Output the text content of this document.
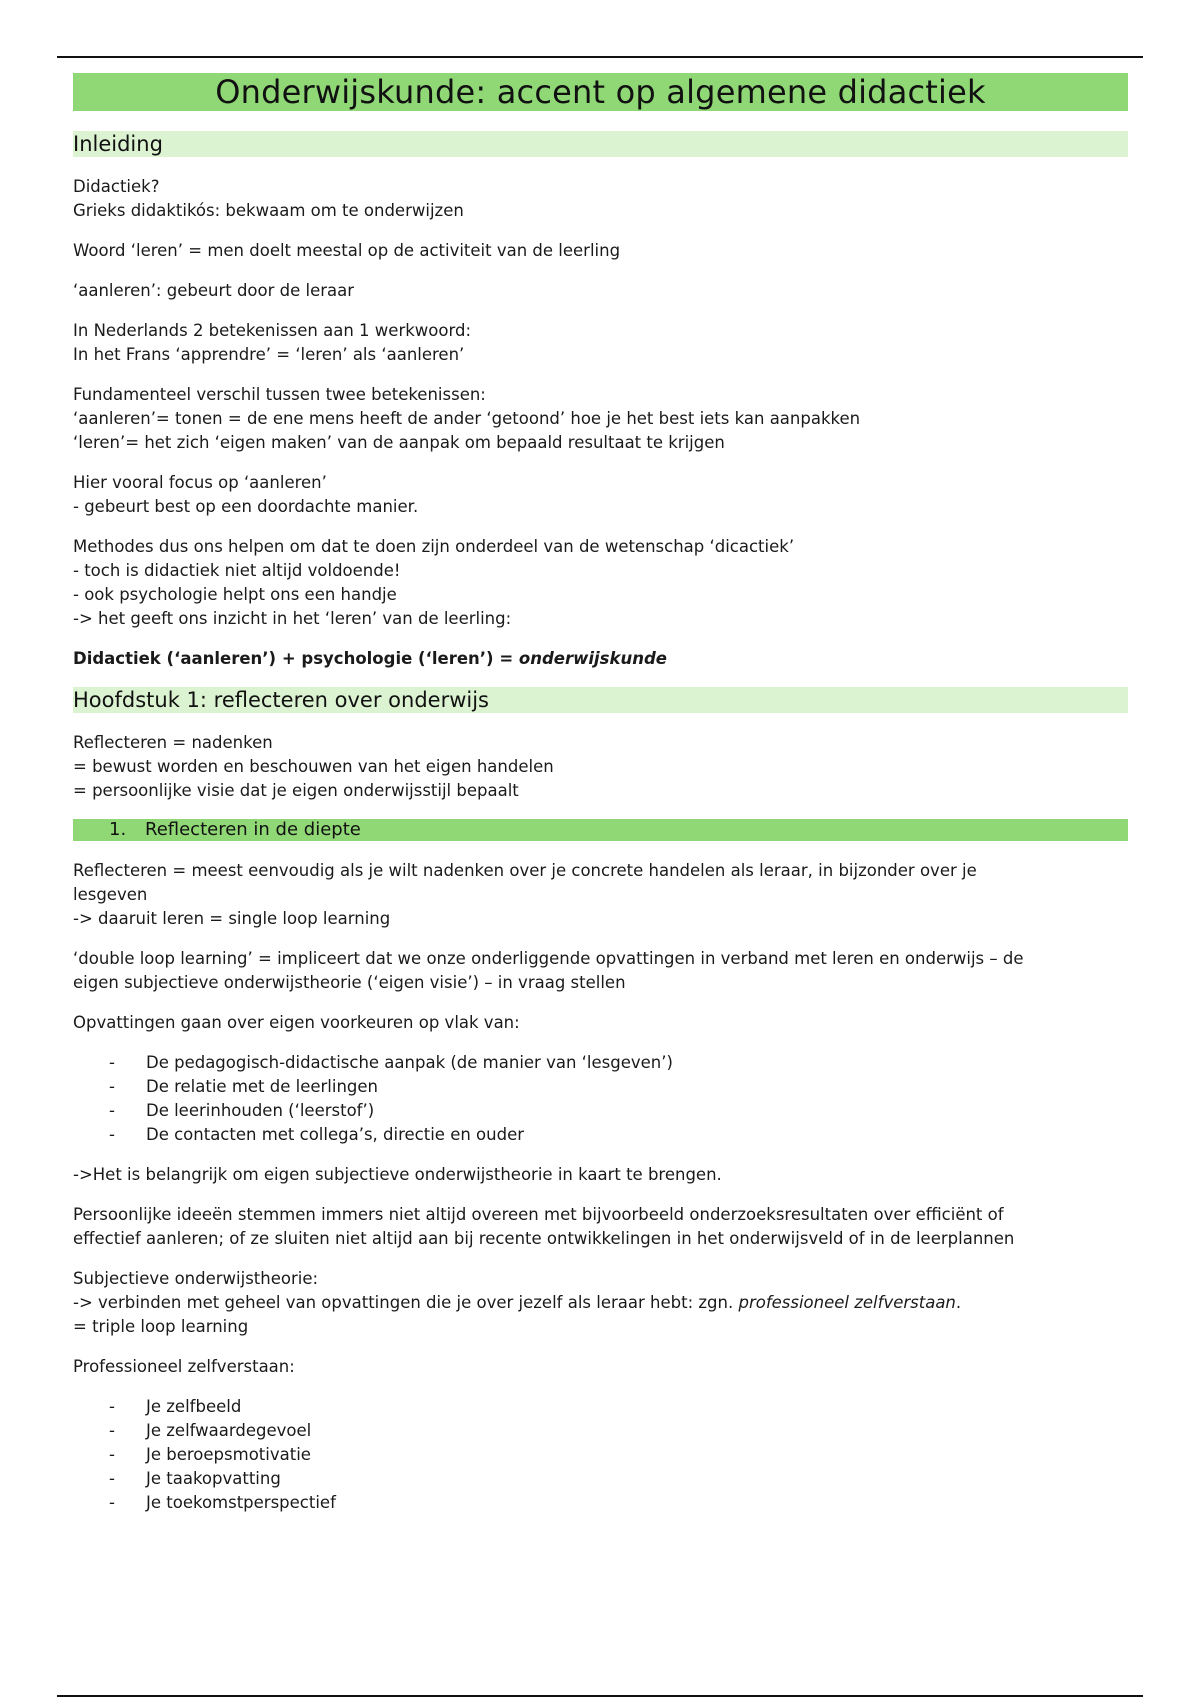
Onderwijskunde: accent op algemene didactiek
Inleiding
Didactiek?
Grieks didaktikós: bekwaam om te onderwijzen
Woord ‘leren’ = men doelt meestal op de activiteit van de leerling
‘aanleren’: gebeurt door de leraar
In Nederlands 2 betekenissen aan 1 werkwoord:
In het Frans ‘apprendre’ = ‘leren’ als ‘aanleren’
Fundamenteel verschil tussen twee betekenissen:
‘aanleren’= tonen = de ene mens heeft de ander ‘getoond’ hoe je het best iets kan aanpakken
‘leren’= het zich ‘eigen maken’ van de aanpak om bepaald resultaat te krijgen
Hier vooral focus op ‘aanleren’
- gebeurt best op een doordachte manier.
Methodes dus ons helpen om dat te doen zijn onderdeel van de wetenschap ‘dicactiek’
- toch is didactiek niet altijd voldoende!
- ook psychologie helpt ons een handje
-> het geeft ons inzicht in het ‘leren’ van de leerling:
Didactiek (‘aanleren’) + psychologie (‘leren’) = onderwijskunde
Hoofdstuk 1: reflecteren over onderwijs
Reflecteren = nadenken
= bewust worden en beschouwen van het eigen handelen
= persoonlijke visie dat je eigen onderwijsstijl bepaalt
1. Reflecteren in de diepte
Reflecteren = meest eenvoudig als je wilt nadenken over je concrete handelen als leraar, in bijzonder over je
lesgeven
-> daaruit leren = single loop learning
‘double loop learning’ = impliceert dat we onze onderliggende opvattingen in verband met leren en onderwijs – de
eigen subjectieve onderwijstheorie (‘eigen visie’) – in vraag stellen
Opvattingen gaan over eigen voorkeuren op vlak van:
- De pedagogisch-didactische aanpak (de manier van ‘lesgeven’)
- De relatie met de leerlingen
- De leerinhouden (‘leerstof’)
- De contacten met collega’s, directie en ouder
->Het is belangrijk om eigen subjectieve onderwijstheorie in kaart te brengen.
Persoonlijke ideeën stemmen immers niet altijd overeen met bijvoorbeeld onderzoeksresultaten over efficiënt of
effectief aanleren; of ze sluiten niet altijd aan bij recente ontwikkelingen in het onderwijsveld of in de leerplannen
Subjectieve onderwijstheorie:
-> verbinden met geheel van opvattingen die je over jezelf als leraar hebt: zgn. professioneel zelfverstaan.
= triple loop learning
Professioneel zelfverstaan:
- Je zelfbeeld
- Je zelfwaardegevoel
- Je beroepsmotivatie
- Je taakopvatting
- Je toekomstperspectief
